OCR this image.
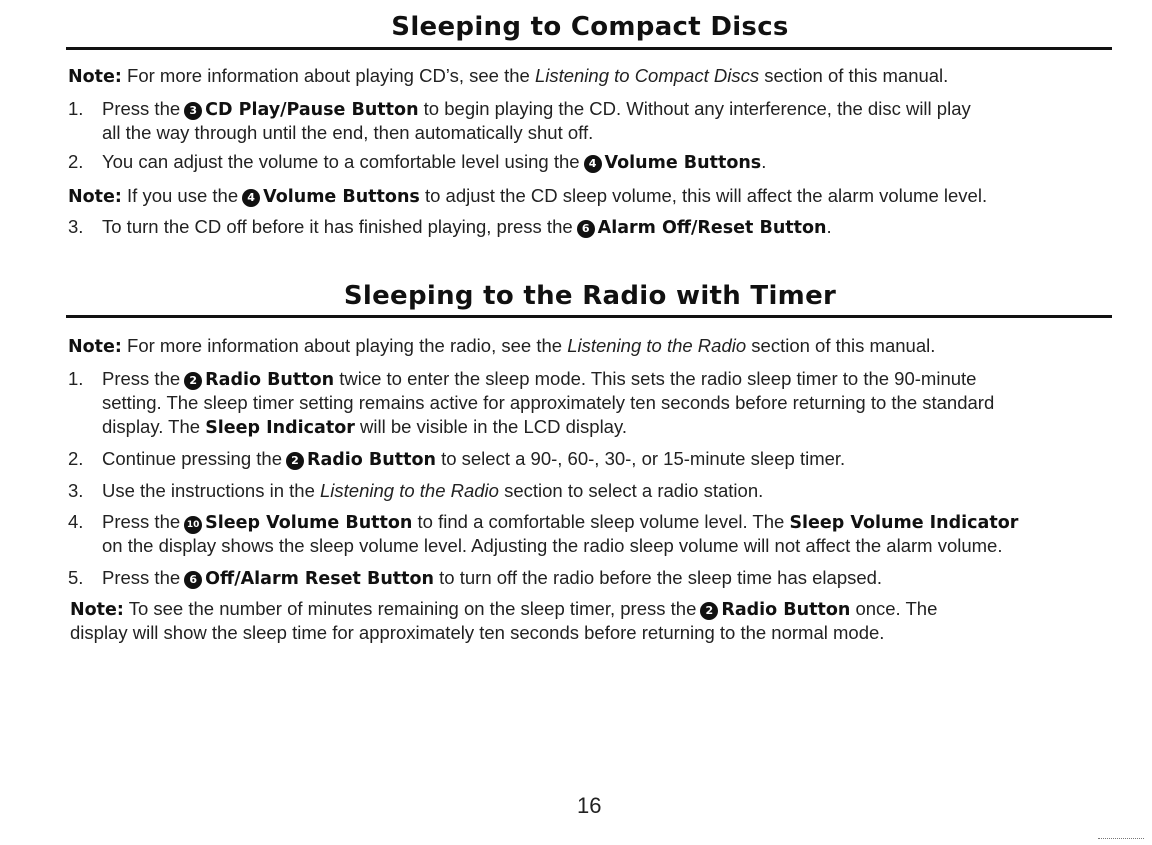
Sleeping to Compact Discs
Note: For more information about playing CD’s, see the Listening to Compact Discs section of this manual.
1. Press the 3 CD Play/Pause Button to begin playing the CD. Without any interference, the disc will play
all the way through until the end, then automatically shut off.
2. You can adjust the volume to a comfortable level using the 4 Volume Buttons.
Note: If you use the 4 Volume Buttons to adjust the CD sleep volume, this will affect the alarm volume level.
3. To turn the CD off before it has finished playing, press the 6 Alarm Off/Reset Button.
Sleeping to the Radio with Timer
Note: For more information about playing the radio, see the Listening to the Radio section of this manual.
1. Press the 2 Radio Button twice to enter the sleep mode. This sets the radio sleep timer to the 90-minute
setting. The sleep timer setting remains active for approximately ten seconds before returning to the standard
display. The Sleep Indicator will be visible in the LCD display.
2. Continue pressing the 2 Radio Button to select a 90-, 60-, 30-, or 15-minute sleep timer.
3. Use the instructions in the Listening to the Radio section to select a radio station.
4. Press the 10 Sleep Volume Button to find a comfortable sleep volume level. The Sleep Volume Indicator
on the display shows the sleep volume level. Adjusting the radio sleep volume will not affect the alarm volume.
5. Press the 6 Off/Alarm Reset Button to turn off the radio before the sleep time has elapsed.
Note: To see the number of minutes remaining on the sleep timer, press the 2 Radio Button once. The
display will show the sleep time for approximately ten seconds before returning to the normal mode.
16
